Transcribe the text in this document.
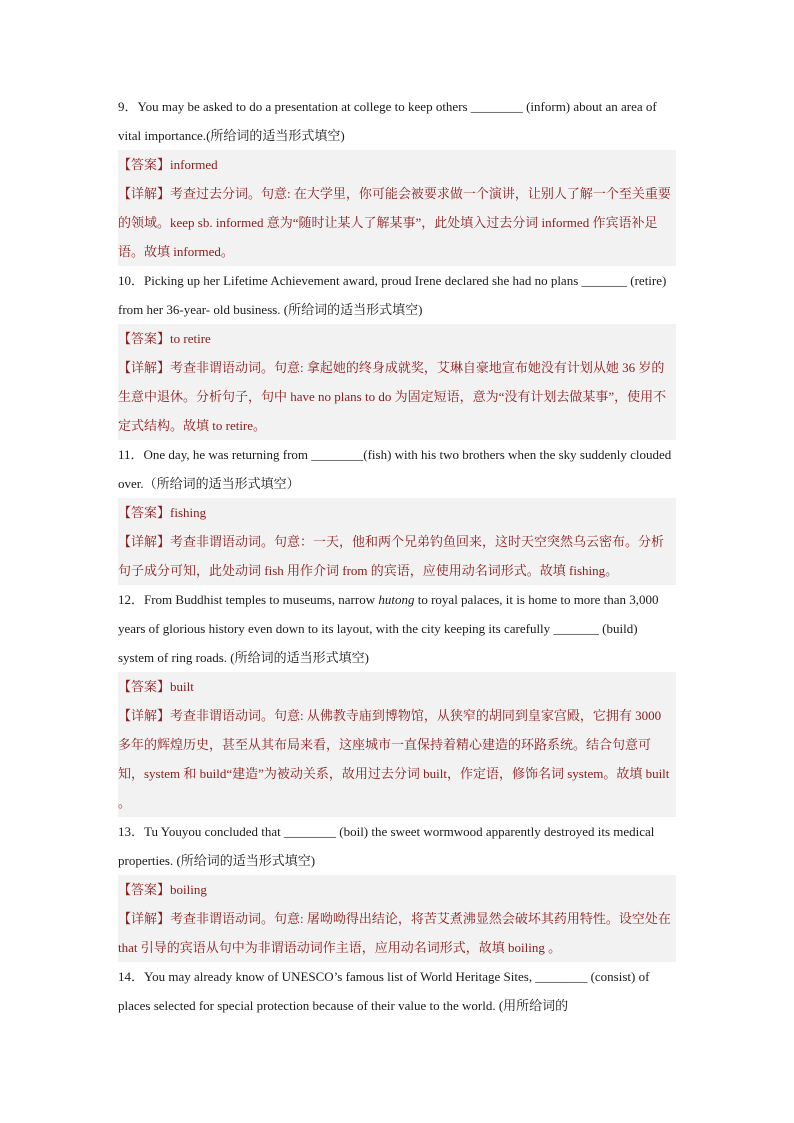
9．You may be asked to do a presentation at college to keep others ________ (inform) about an area of vital importance.(所给词的适当形式填空)

【答案】informed

【详解】考查过去分词。句意: 在大学里，你可能会被要求做一个演讲，让别人了解一个至关重要的领域。keep sb. informed 意为“随时让某人了解某事”，此处填入过去分词 informed 作宾语补足语。故填 informed。

10．Picking up her Lifetime Achievement award, proud Irene declared she had no plans _______ (retire) from her 36-year- old business. (所给词的适当形式填空)

【答案】to retire

【详解】考查非谓语动词。句意: 拿起她的终身成就奖，艾琳自豪地宣布她没有计划从她 36 岁的生意中退休。分析句子，句中 have no plans to do 为固定短语，意为“没有计划去做某事”，使用不定式结构。故填 to retire。

11．One day, he was returning from ________(fish) with his two brothers when the sky suddenly clouded over.（所给词的适当形式填空）

【答案】fishing

【详解】考查非谓语动词。句意：一天，他和两个兄弟钓鱼回来，这时天空突然乌云密布。分析句子成分可知，此处动词 fish 用作介词 from 的宾语，应使用动名词形式。故填 fishing。

12．From Buddhist temples to museums, narrow hutong to royal palaces, it is home to more than 3,000 years of glorious history even down to its layout, with the city keeping its carefully _______ (build) system of ring roads. (所给词的适当形式填空)

【答案】built

【详解】考查非谓语动词。句意: 从佛教寺庙到博物馆，从狭窄的胡同到皇家宫殿，它拥有 3000 多年的辉煌历史，甚至从其布局来看，这座城市一直保持着精心建造的环路系统。结合句意可知，system 和 build“建造”为被动关系，故用过去分词 built，作定语，修饰名词 system。故填 built 。

13．Tu Youyou concluded that ________ (boil) the sweet wormwood apparently destroyed its medical properties. (所给词的适当形式填空)

【答案】boiling

【详解】考查非谓语动词。句意: 屠呦呦得出结论，将苦艾煮沸显然会破坏其药用特性。设空处在 that 引导的宾语从句中为非谓语动词作主语，应用动名词形式，故填 boiling 。

14．You may already know of UNESCO’s famous list of World Heritage Sites, ________ (consist) of places selected for special protection because of their value to the world. (用所给词的
